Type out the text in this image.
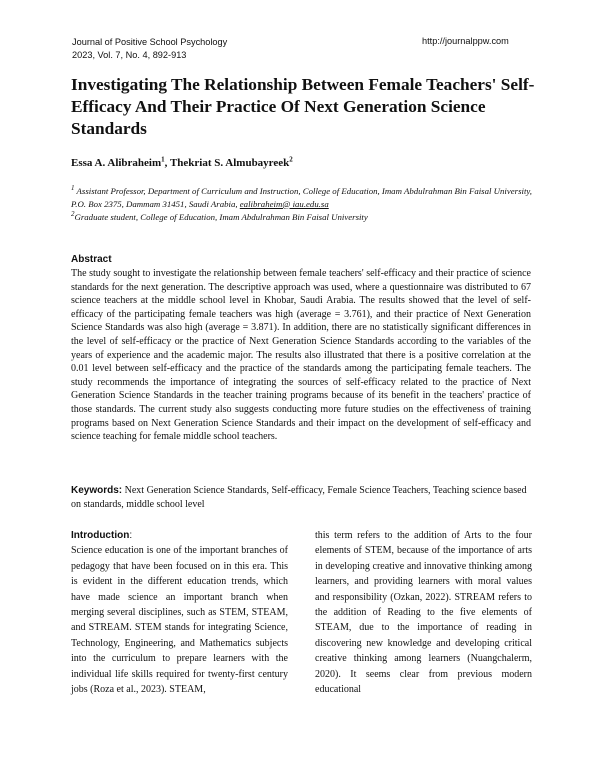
Journal of Positive School Psychology
2023, Vol. 7, No. 4, 892-913
http://journalppw.com
Investigating The Relationship Between Female Teachers' Self-Efficacy And Their Practice Of Next Generation Science Standards
Essa A. Alibraheim$^1$, Thekriat S. Almubayreek$^2$
$^1$ Assistant Professor, Department of Curriculum and Instruction, College of Education, Imam Abdulrahman Bin Faisal University, P.O. Box 2375, Dammam 31451, Saudi Arabia, ealibraheim@ iau.edu.sa
$^2$Graduate student, College of Education, Imam Abdulrahman Bin Faisal University
Abstract

The study sought to investigate the relationship between female teachers' self-efficacy and their practice of science standards for the next generation. The descriptive approach was used, where a questionnaire was distributed to 67 science teachers at the middle school level in Khobar, Saudi Arabia. The results showed that the level of self-efficacy of the participating female teachers was high (average = 3.761), and their practice of Next Generation Science Standards was also high (average = 3.871). In addition, there are no statistically significant differences in the level of self-efficacy or the practice of Next Generation Science Standards according to the variables of the years of experience and the academic major. The results also illustrated that there is a positive correlation at the 0.01 level between self-efficacy and the practice of the standards among the participating female teachers. The study recommends the importance of integrating the sources of self-efficacy related to the practice of Next Generation Science Standards in the teacher training programs because of its benefit in the teachers' practice of those standards. The current study also suggests conducting more future studies on the effectiveness of training programs based on Next Generation Science Standards and their impact on the development of self-efficacy and science teaching for female middle school teachers.

Keywords: Next Generation Science Standards, Self-efficacy, Female Science Teachers, Teaching science based on standards, middle school level
Introduction:

Science education is one of the important branches of pedagogy that have been focused on in this era. This is evident in the different education trends, which have made science an important branch when merging several disciplines, such as STEM, STEAM, and STREAM. STEM stands for integrating Science, Technology, Engineering, and Mathematics subjects into the curriculum to prepare learners with the individual life skills required for twenty-first century jobs (Roza et al., 2023). STEAM,

this term refers to the addition of Arts to the four elements of STEM, because of the importance of arts in developing creative and innovative thinking among learners, and providing learners with moral values and responsibility (Ozkan, 2022). STREAM refers to the addition of Reading to the five elements of STEAM, due to the importance of reading in discovering new knowledge and developing critical creative thinking among learners (Nuangchalerm, 2020). It seems clear from previous modern educational
